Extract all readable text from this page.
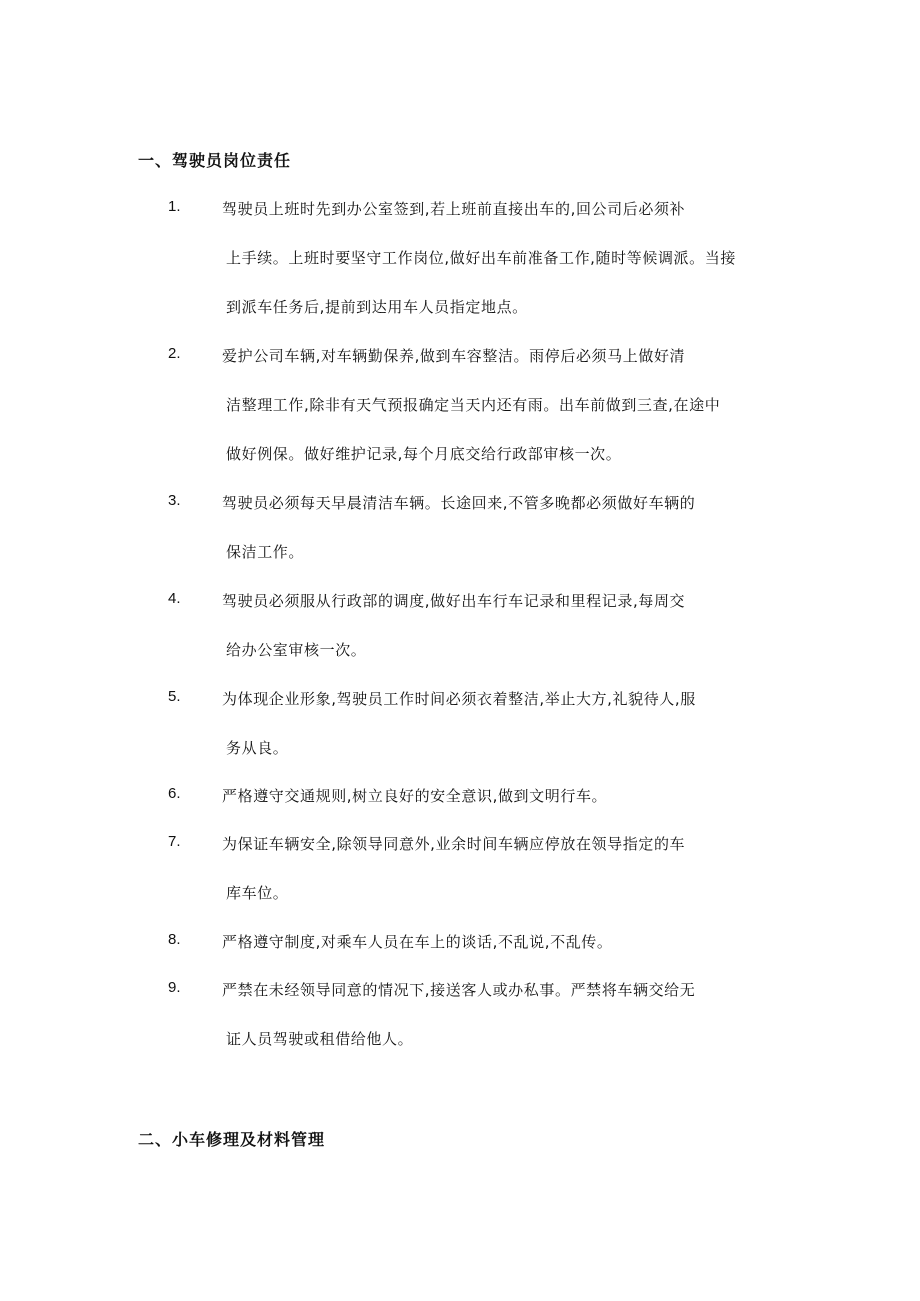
一、驾驶员岗位责任
1.	驾驶员上班时先到办公室签到,若上班前直接出车的,回公司后必须补
上手续。上班时要坚守工作岗位,做好出车前准备工作,随时等候调派。当接
到派车任务后,提前到达用车人员指定地点。
2.	爱护公司车辆,对车辆勤保养,做到车容整洁。雨停后必须马上做好清
洁整理工作,除非有天气预报确定当天内还有雨。出车前做到三查,在途中
做好例保。做好维护记录,每个月底交给行政部审核一次。
3.	驾驶员必须每天早晨清洁车辆。长途回来,不管多晚都必须做好车辆的
保洁工作。
4.	驾驶员必须服从行政部的调度,做好出车行车记录和里程记录,每周交
给办公室审核一次。
5.	为体现企业形象,驾驶员工作时间必须衣着整洁,举止大方,礼貌待人,服
务从良。
6.	严格遵守交通规则,树立良好的安全意识,做到文明行车。
7.	为保证车辆安全,除领导同意外,业余时间车辆应停放在领导指定的车
库车位。
8.	严格遵守制度,对乘车人员在车上的谈话,不乱说,不乱传。
9.	严禁在未经领导同意的情况下,接送客人或办私事。严禁将车辆交给无
证人员驾驶或租借给他人。
二、小车修理及材料管理
